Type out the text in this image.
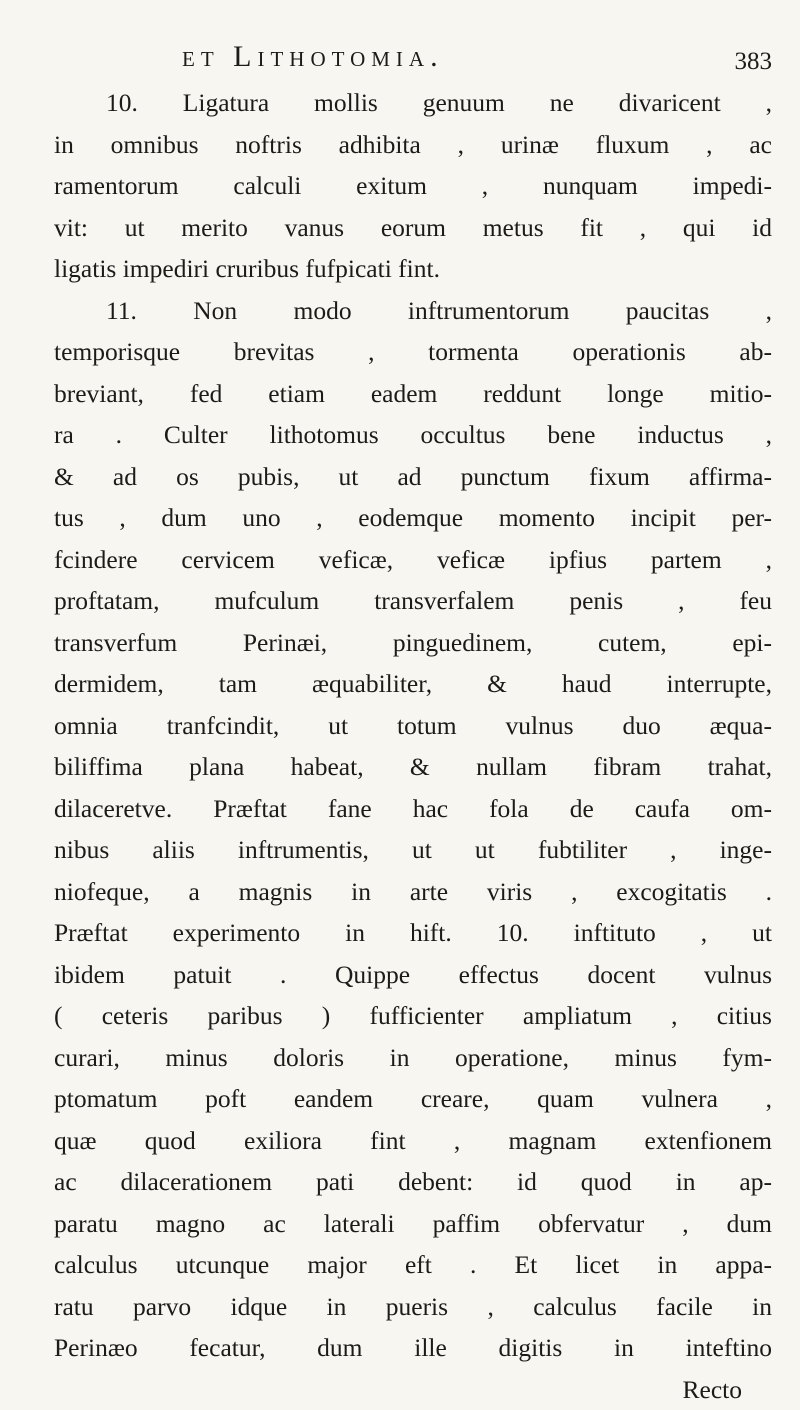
et Lithotomia.	383
10. Ligatura mollis genuum ne divaricent ,
in omnibus noftris adhibita , urinæ fluxum , ac
ramentorum calculi exitum , nunquam impedi-
vit: ut merito vanus eorum metus fit , qui id
ligatis impediri cruribus fufpicati fint.
11. Non modo inftrumentorum paucitas ,
temporisque brevitas , tormenta operationis ab-
breviant, fed etiam eadem reddunt longe mitio-
ra . Culter lithotomus occultus bene inductus ,
& ad os pubis, ut ad punctum fixum affirma-
tus , dum uno , eodemque momento incipit per-
fcindere cervicem veficæ, veficæ ipfius partem ,
proftatam, mufculum transverfalem penis , feu
transverfum Perinæi, pinguedinem, cutem, epi-
dermidem, tam æquabiliter, & haud interrupte,
omnia tranfcindit, ut totum vulnus duo æqua-
biliffima plana habeat, & nullam fibram trahat,
dilaceretve. Præftat fane hac fola de caufa om-
nibus aliis inftrumentis, ut ut fubtiliter , inge-
niofeque, a magnis in arte viris , excogitatis .
Præftat experimento in hift. 10. inftituto , ut
ibidem patuit . Quippe effectus docent vulnus
( ceteris paribus ) fufficienter ampliatum , citius
curari, minus doloris in operatione, minus fym-
ptomatum poft eandem creare, quam vulnera ,
quæ quod exiliora fint , magnam extenfionem
ac dilacerationem pati debent: id quod in ap-
paratu magno ac laterali paffim obfervatur , dum
calculus utcunque major eft . Et licet in appa-
ratu parvo idque in pueris , calculus facile in
Perinæo fecatur, dum ille digitis in inteftino
Recto
